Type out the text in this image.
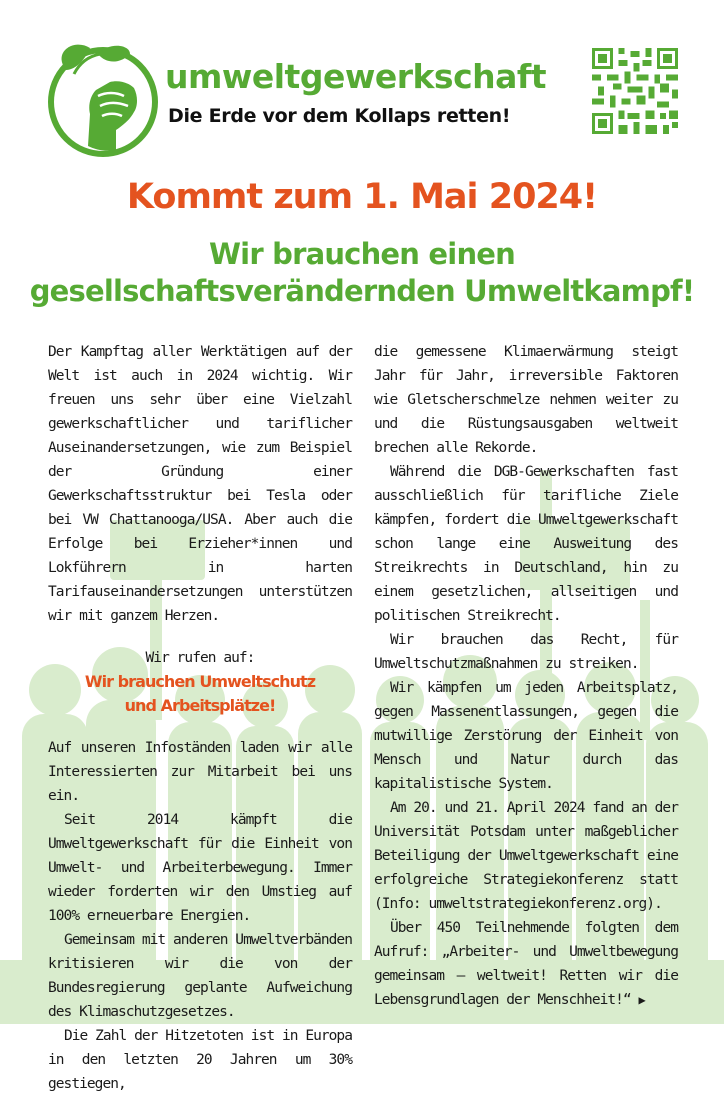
umweltgewerkschaft
Die Erde vor dem Kollaps retten!
Kommt zum 1. Mai 2024!
Wir brauchen einen
gesellschaftsverändernden Umweltkampf!

Der Kampftag aller Werktätigen auf der Welt ist auch in 2024 wichtig. Wir freuen uns sehr über eine Vielzahl gewerkschaftlicher und tariflicher Auseinandersetzungen, wie zum Beispiel der Gründung einer Gewerkschaftsstruktur bei Tesla oder bei VW Chattanooga/USA. Aber auch die Erfolge bei Erzieher*innen und Lokführern in harten Tarifauseinandersetzungen unterstützen wir mit ganzem Herzen.

Wir rufen auf:

Wir brauchen Umweltschutz

und Arbeitsplätze!

Auf unseren Infoständen laden wir alle Interessierten zur Mitarbeit bei uns ein.

Seit 2014 kämpft die Umweltgewerkschaft für die Einheit von Umwelt- und Arbeiterbewegung. Immer wieder forderten wir den Umstieg auf 100% erneuerbare Energien.

Gemeinsam mit anderen Umweltverbänden kritisieren wir die von der Bundesregierung geplante Aufweichung des Klimaschutzgesetzes.

Die Zahl der Hitzetoten ist in Europa in den letzten 20 Jahren um 30% gestiegen,

die gemessene Klimaerwärmung steigt Jahr für Jahr, irreversible Faktoren wie Gletscherschmelze nehmen weiter zu und die Rüstungsausgaben weltweit brechen alle Rekorde.

Während die DGB-Gewerkschaften fast ausschließlich für tarifliche Ziele kämpfen, fordert die Umweltgewerkschaft schon lange eine Ausweitung des Streikrechts in Deutschland, hin zu einem gesetzlichen, allseitigen und politischen Streikrecht.

Wir brauchen das Recht, für Umweltschutzmaßnahmen zu streiken.

Wir kämpfen um jeden Arbeitsplatz, gegen Massenentlassungen, gegen die mutwillige Zerstörung der Einheit von Mensch und Natur durch das kapitalistische System.

Am 20. und 21. April 2024 fand an der Universität Potsdam unter maßgeblicher Beteiligung der Umweltgewerkschaft eine erfolgreiche Strategiekonferenz statt (Info: umweltstrategiekonferenz.org).

Über 450 Teilnehmende folgten dem Aufruf: „Arbeiter- und Umweltbewegung gemeinsam – weltweit! Retten wir die Lebensgrundlagen der Menschheit!“ ▶
